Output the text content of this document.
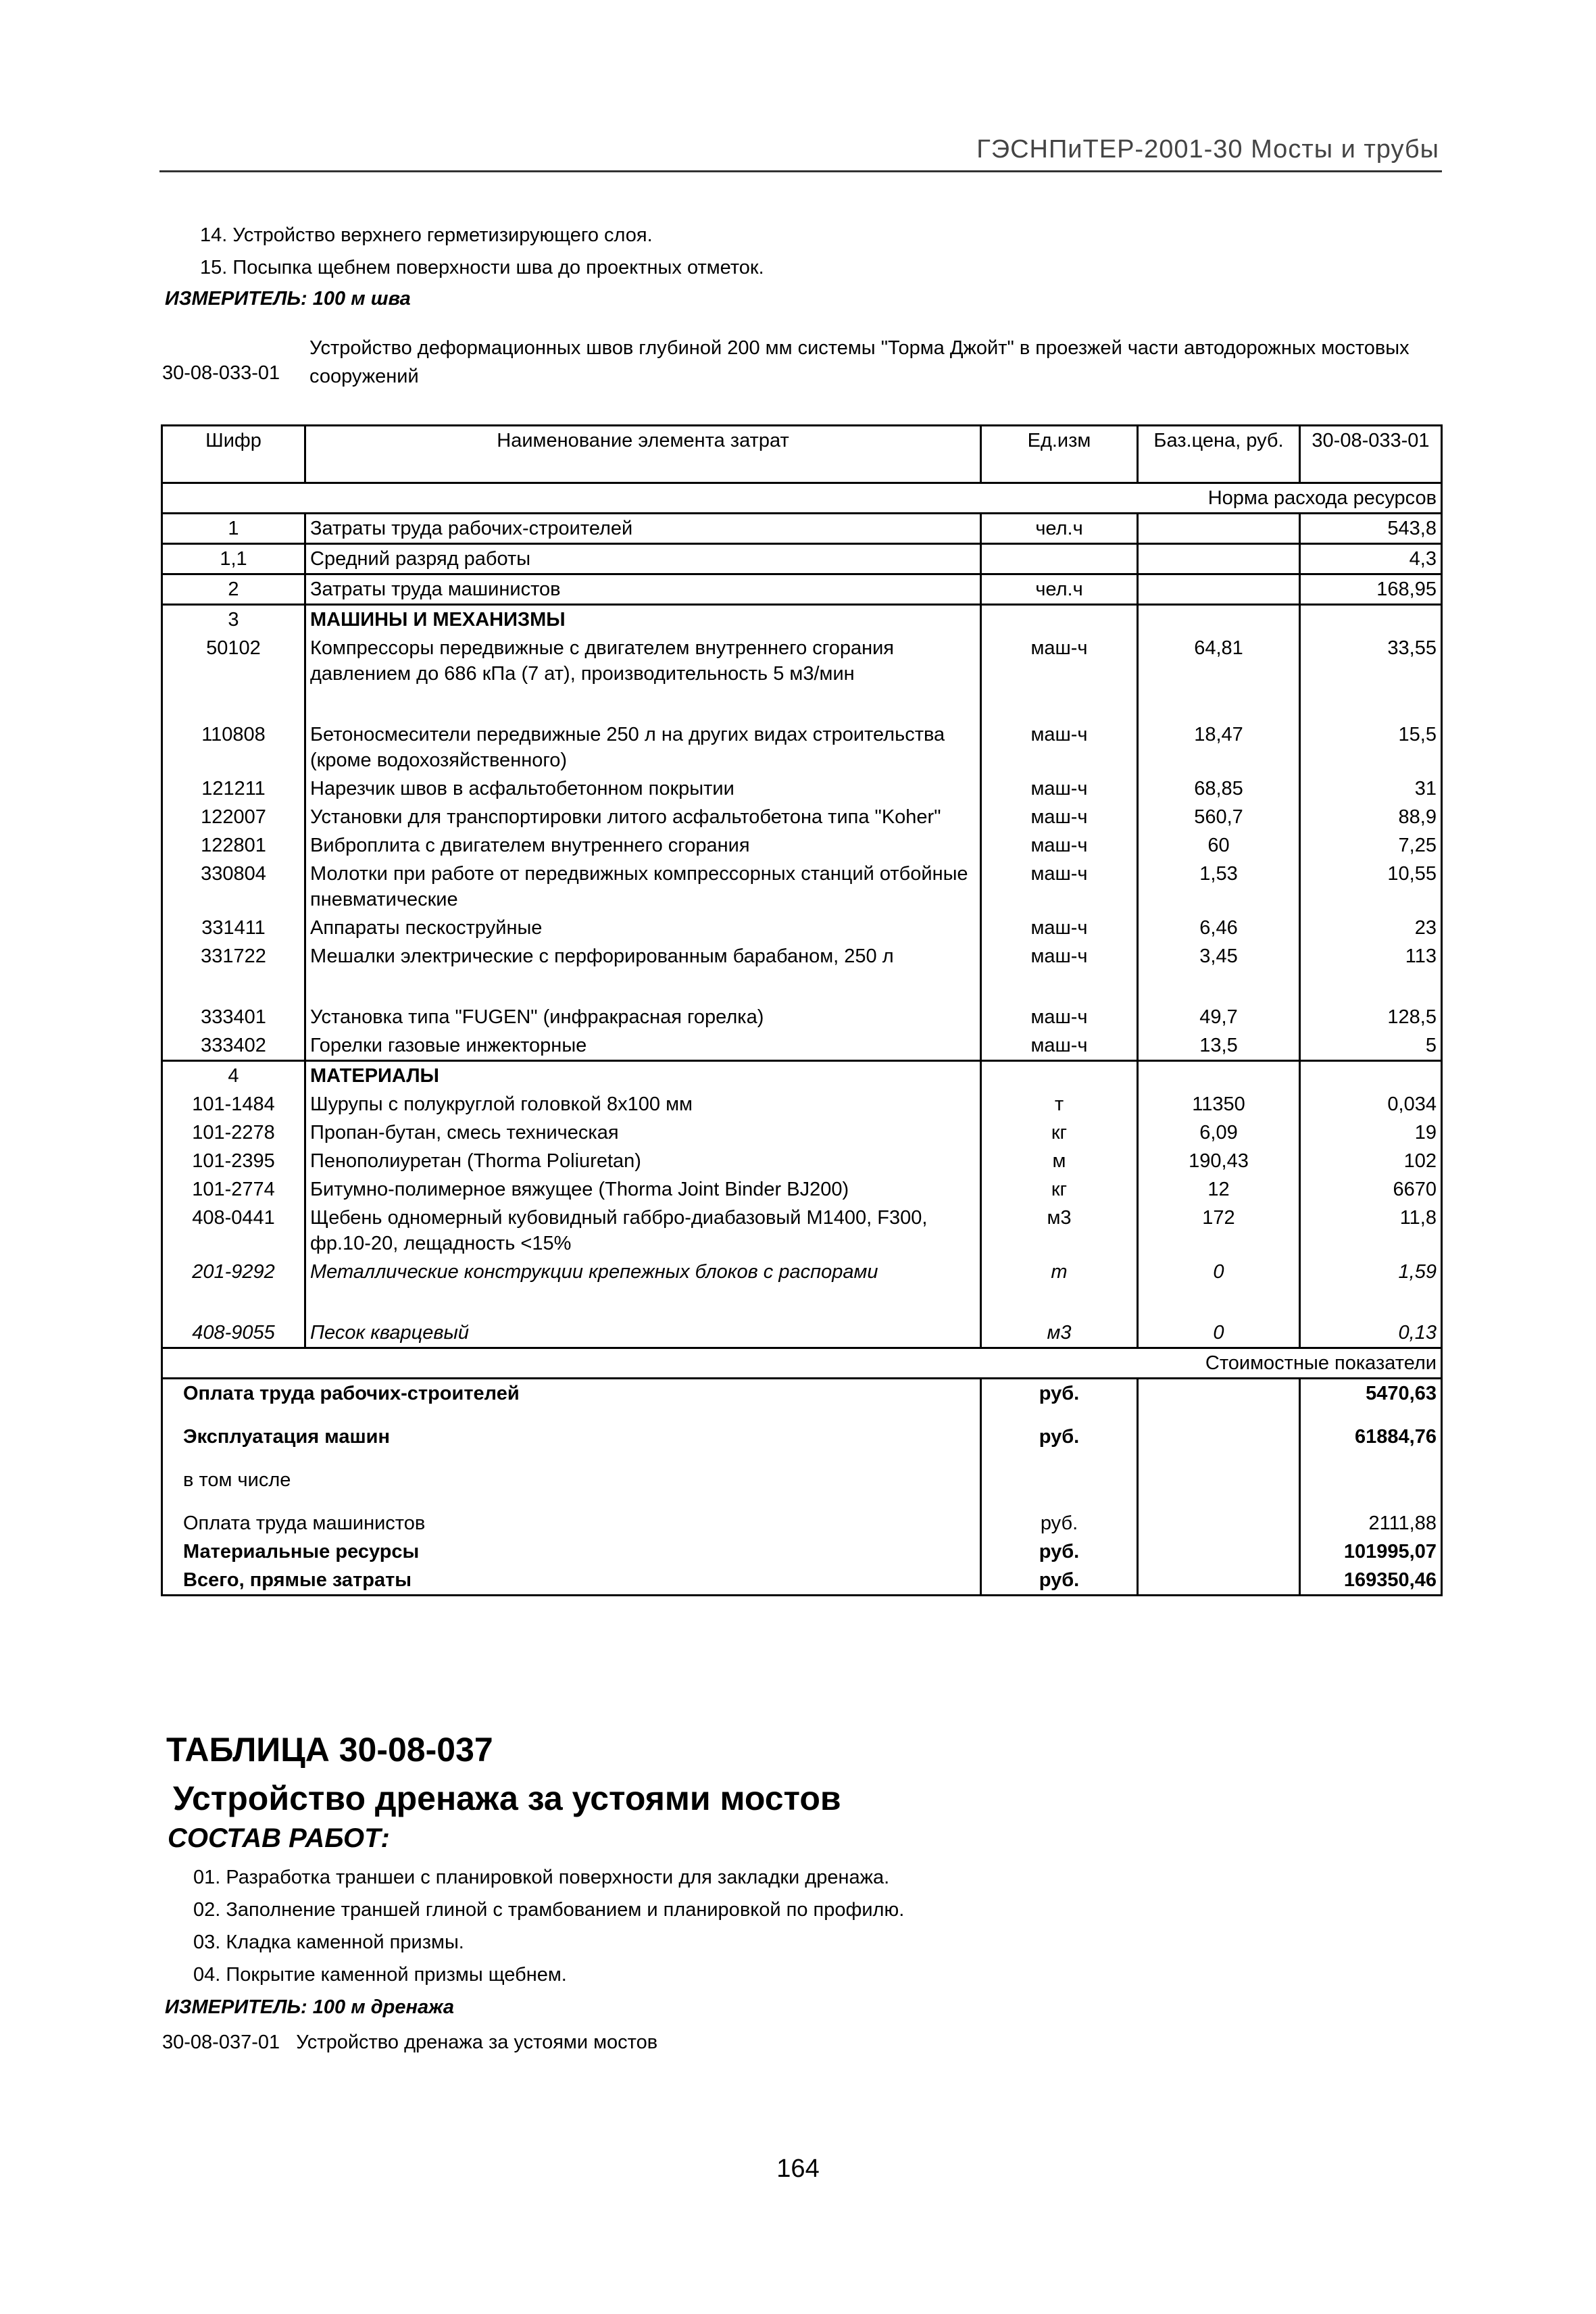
ГЭСНПиТЕР-2001-30 Мосты и трубы
14. Устройство верхнего герметизирующего слоя.
15. Посыпка щебнем поверхности шва до проектных отметок.
ИЗМЕРИТЕЛЬ: 100 м шва
Устройство деформационных швов глубиной 200 мм системы "Торма Джойт" в проезжей части автодорожных мостовых сооружений
30-08-033-01
Шифр	Наименование элемента затрат	Ед.изм	Баз.цена, руб.	30-08-033-01
			Норма расхода ресурсов	
1	Затраты труда рабочих-строителей	чел.ч		543,8
1,1	Средний разряд работы			4,3
2	Затраты труда машинистов	чел.ч		168,95
3	МАШИНЫ И МЕХАНИЗМЫ			
50102	Компрессоры передвижные с двигателем внутреннего сгорания давлением до 686 кПа (7 ат), производительность 5 м3/мин	маш-ч	64,81	33,55

110808	Бетоносмесители передвижные 250 л на других видах строительства (кроме водохозяйственного)	маш-ч	18,47	15,5
121211	Нарезчик швов в асфальтобетонном покрытии	маш-ч	68,85	31
122007	Установки для транспортировки литого асфальтобетона типа "Koher"	маш-ч	560,7	88,9
122801	Виброплита с двигателем внутреннего сгорания	маш-ч	60	7,25
330804	Молотки при работе от передвижных компрессорных станций отбойные пневматические	маш-ч	1,53	10,55
331411	Аппараты пескоструйные	маш-ч	6,46	23
331722	Мешалки электрические с перфорированным барабаном, 250 л	маш-ч	3,45	113

333401	Установка типа "FUGEN" (инфракрасная горелка)	маш-ч	49,7	128,5
333402	Горелки газовые инжекторные	маш-ч	13,5	5
4	МАТЕРИАЛЫ			
101-1484	Шурупы с полукруглой головкой 8x100 мм	т	11350	0,034
101-2278	Пропан-бутан, смесь техническая	кг	6,09	19
101-2395	Пенополиуретан (Thorma Poliuretan)	м	190,43	102
101-2774	Битумно-полимерное вяжущее (Thorma Joint Binder BJ200)	кг	12	6670
408-0441	Щебень одномерный кубовидный габбро-диабазовый М1400, F300, фр.10-20, лещадность <15%	м3	172	11,8
201-9292	Металлические конструкции крепежных блоков с распорами	т	0	1,59

408-9055	Песок кварцевый	м3	0	0,13
			Стоимостные показатели	
Оплата труда рабочих-строителей		руб.		5470,63
Эксплуатация машин		руб.		61884,76
в том числе				
Оплата труда машинистов		руб.		2111,88
Материальные ресурсы		руб.		101995,07
Всего, прямые затраты		руб.		169350,46
ТАБЛИЦА 30-08-037
Устройство дренажа за устоями мостов
СОСТАВ РАБОТ:
01. Разработка траншеи с планировкой поверхности для закладки дренажа.
02. Заполнение траншей глиной с трамбованием и планировкой по профилю.
03. Кладка каменной призмы.
04. Покрытие каменной призмы щебнем.
ИЗМЕРИТЕЛЬ: 100 м дренажа
30-08-037-01   Устройство дренажа за устоями мостов
164
